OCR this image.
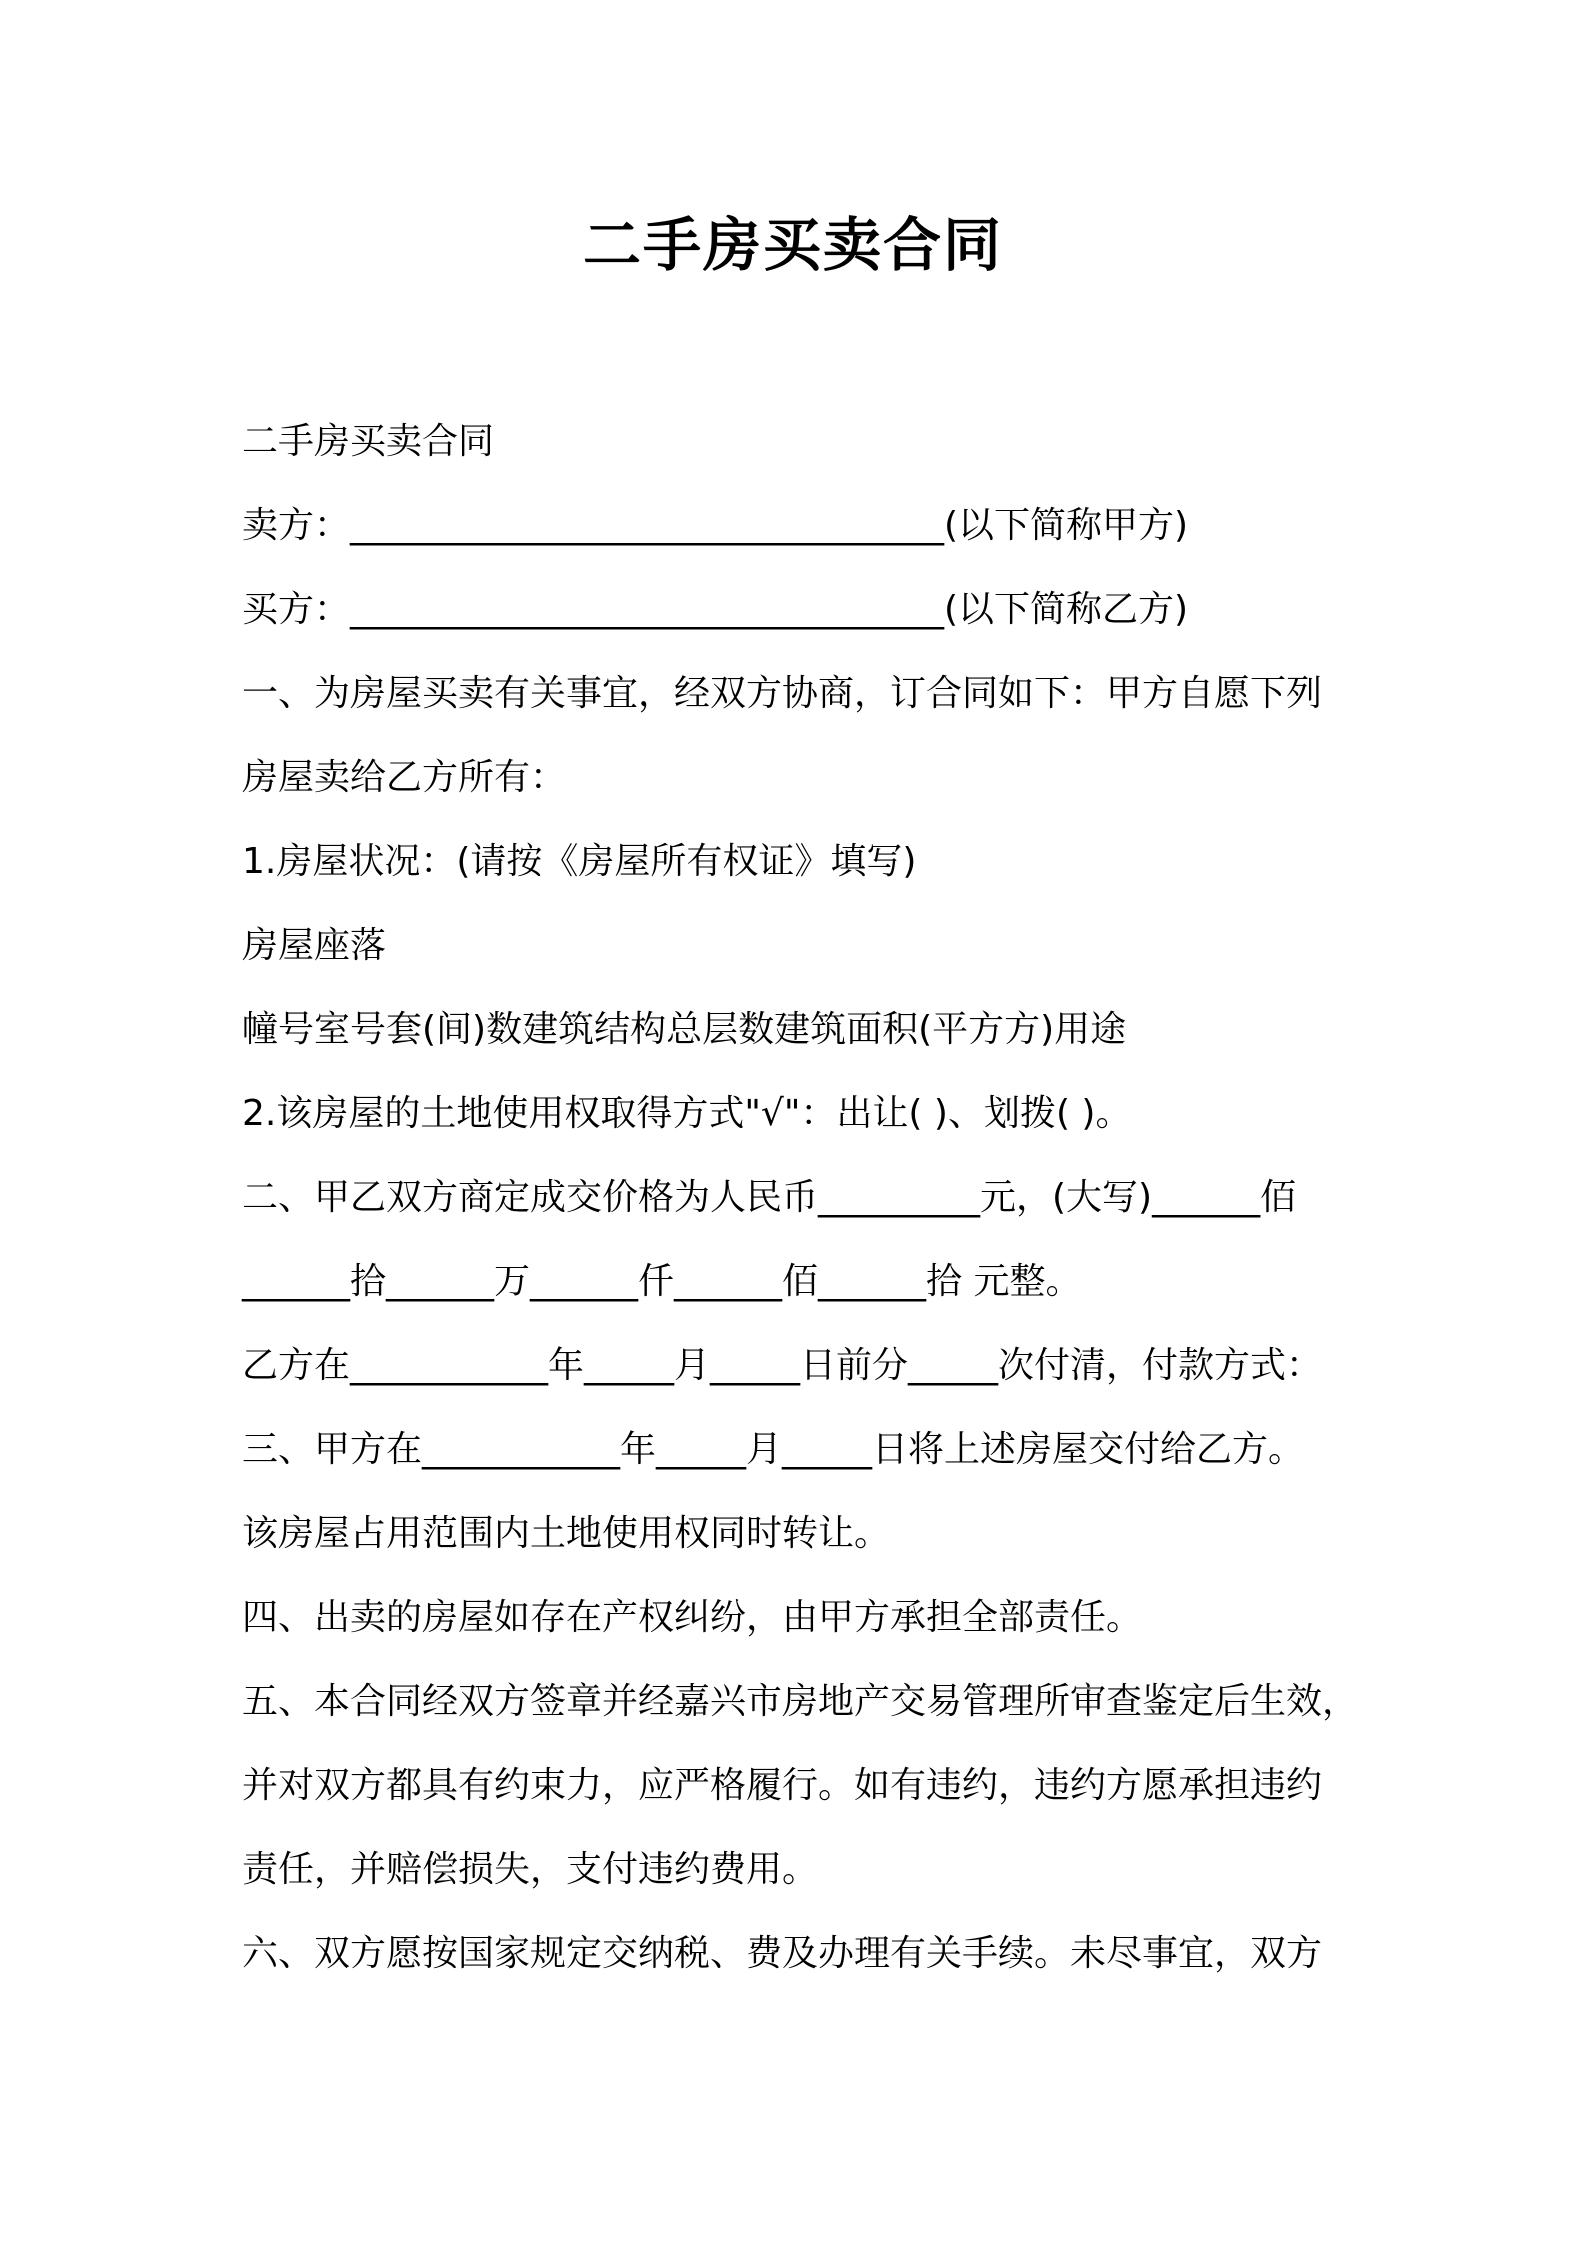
二手房买卖合同
二手房买卖合同
卖方：_________________________________(以下简称甲方)
买方：_________________________________(以下简称乙方)
一、为房屋买卖有关事宜，经双方协商，订合同如下：甲方自愿下列
房屋卖给乙方所有：
1.房屋状况：(请按《房屋所有权证》填写)
房屋座落
幢号室号套(间)数建筑结构总层数建筑面积(平方方)用途
2.该房屋的土地使用权取得方式"√"：出让( )、划拨( )。
二、甲乙双方商定成交价格为人民币_________元，(大写)______佰
______拾______万______仟______佰______拾 元整。
乙方在___________年_____月_____日前分_____次付清，付款方式：
三、甲方在___________年_____月_____日将上述房屋交付给乙方。
该房屋占用范围内土地使用权同时转让。
四、出卖的房屋如存在产权纠纷，由甲方承担全部责任。
五、本合同经双方签章并经嘉兴市房地产交易管理所审查鉴定后生效，
并对双方都具有约束力，应严格履行。如有违约，违约方愿承担违约
责任，并赔偿损失，支付违约费用。
六、双方愿按国家规定交纳税、费及办理有关手续。未尽事宜，双方
